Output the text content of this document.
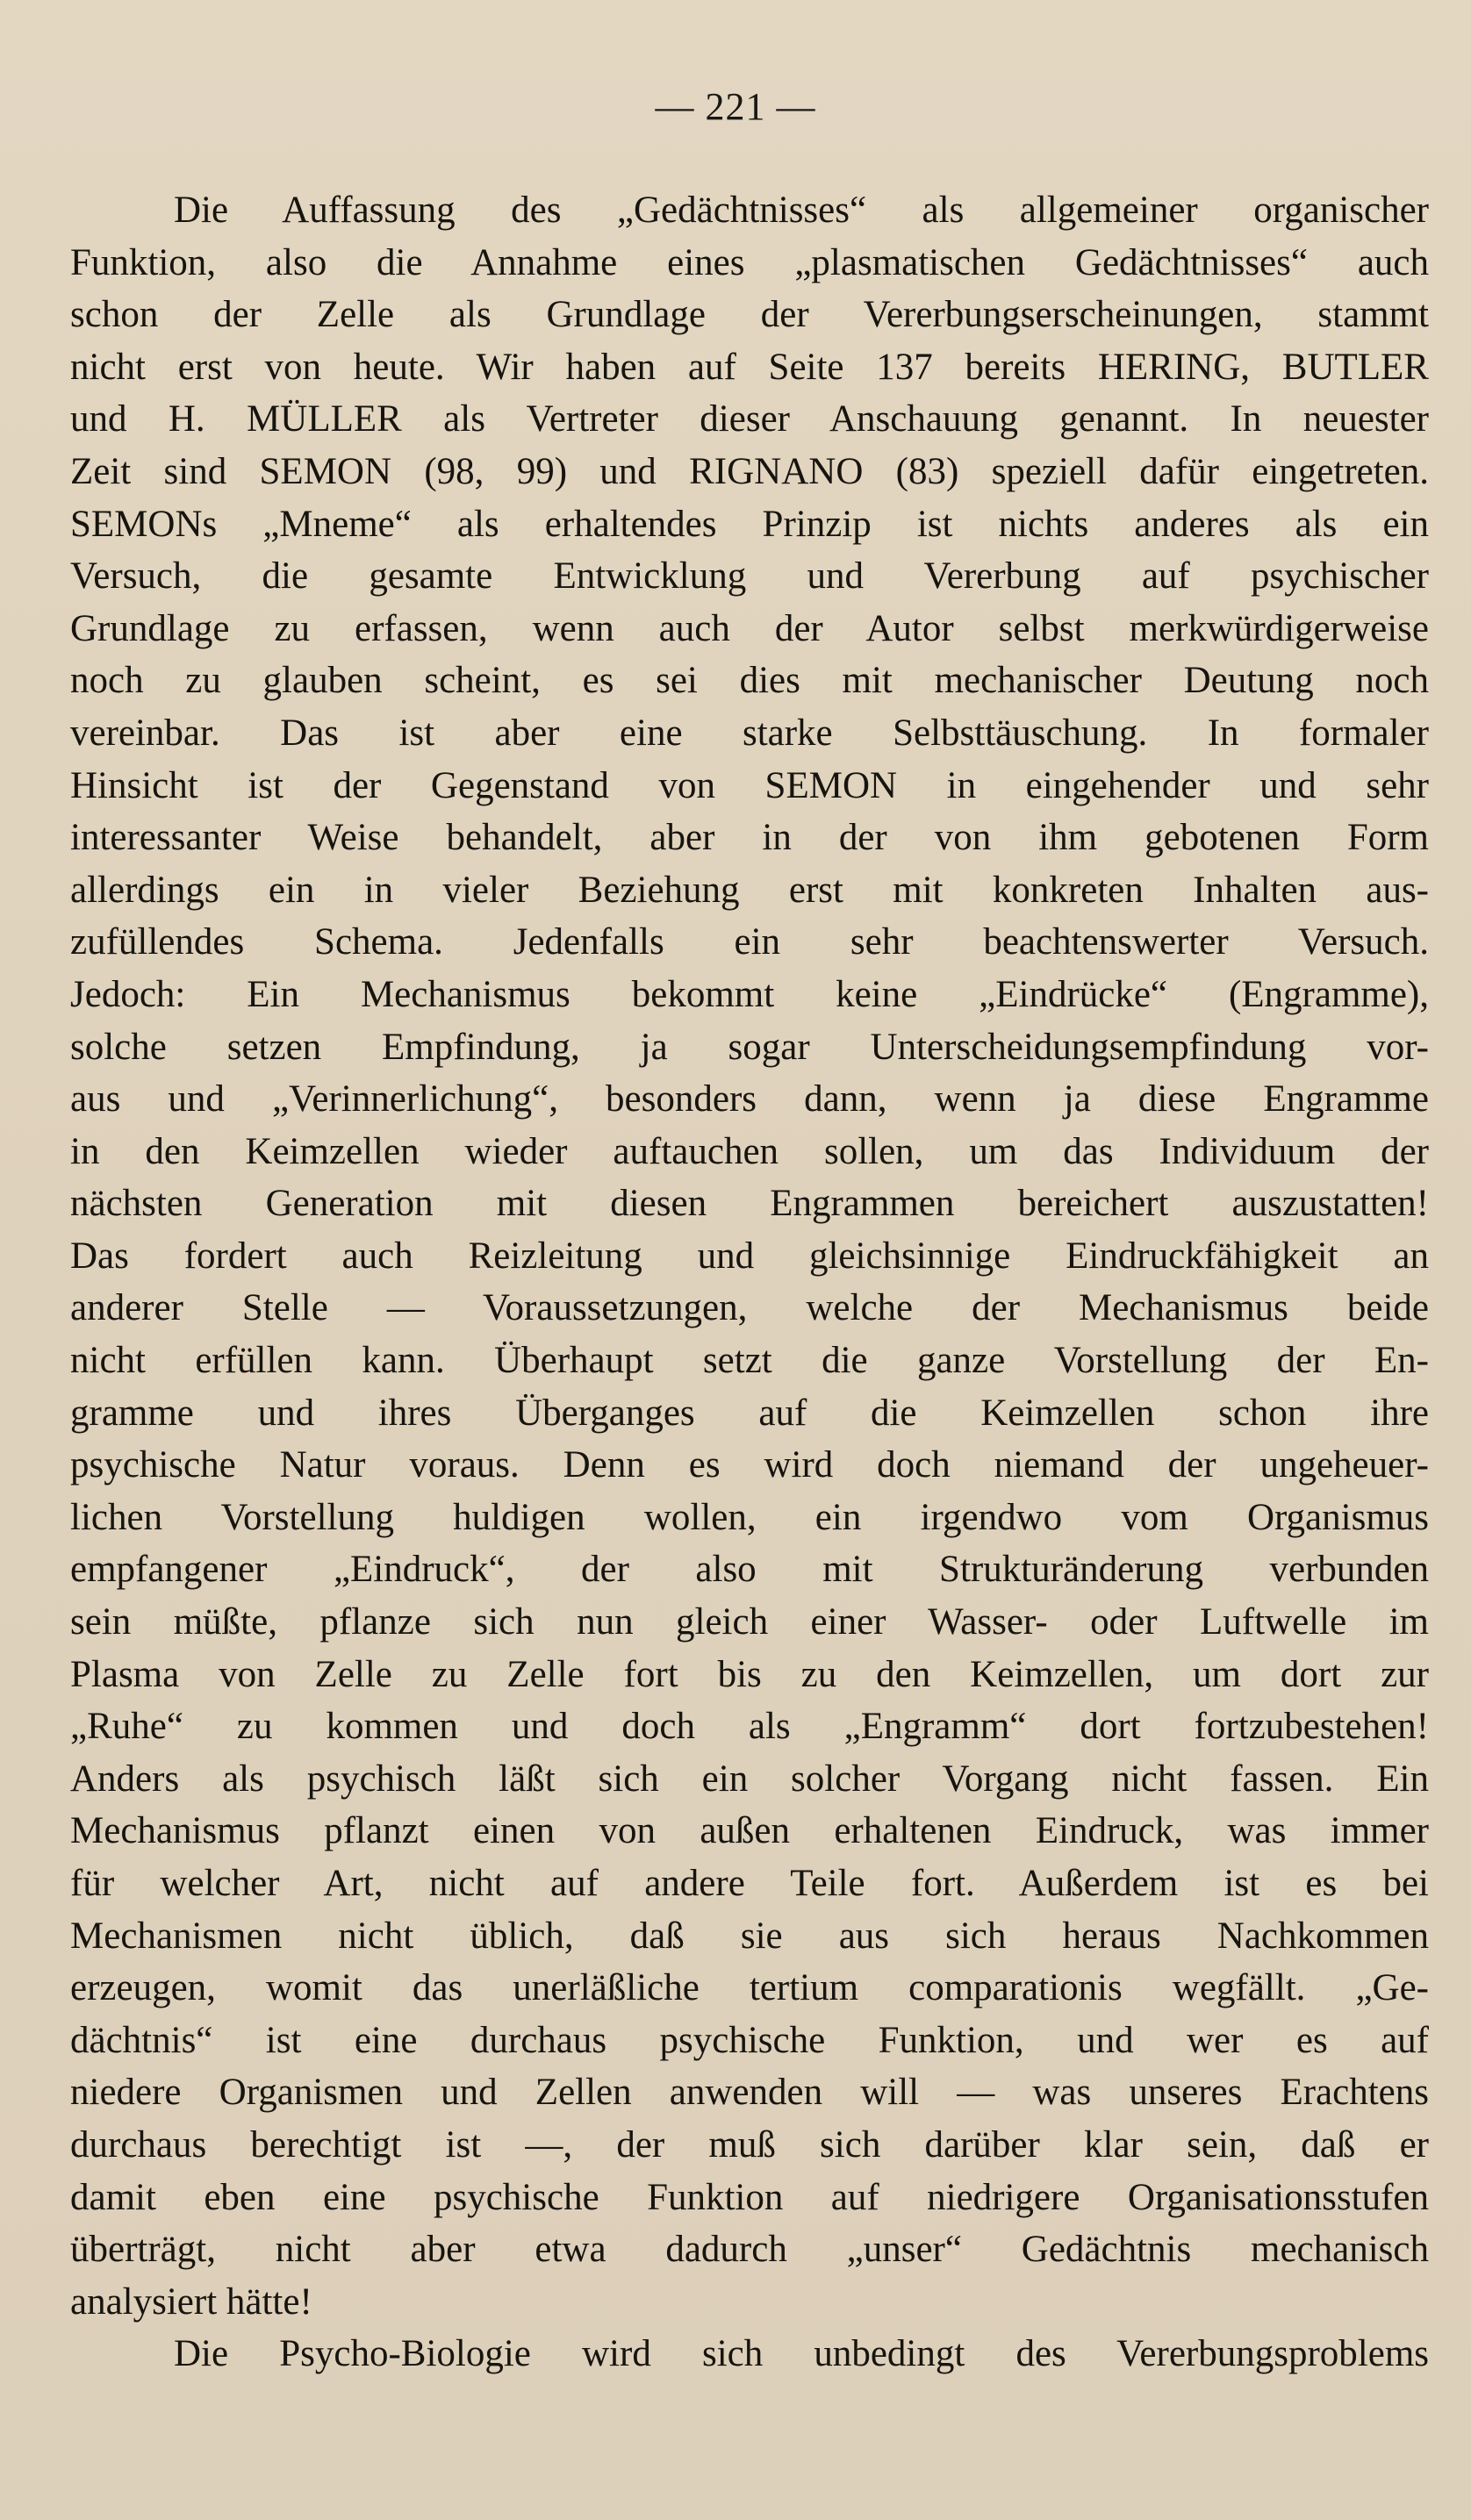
— 221 —
Die Auffassung des „Gedächtnisses“ als allgemeiner organischer
Funktion, also die Annahme eines „plasmatischen Gedächtnisses“ auch
schon der Zelle als Grundlage der Vererbungserscheinungen, stammt
nicht erst von heute. Wir haben auf Seite 137 bereits HERING, BUTLER
und H. MÜLLER als Vertreter dieser Anschauung genannt. In neuester
Zeit sind SEMON (98, 99) und RIGNANO (83) speziell dafür eingetreten.
SEMONs „Mneme“ als erhaltendes Prinzip ist nichts anderes als ein
Versuch, die gesamte Entwicklung und Vererbung auf psychischer
Grundlage zu erfassen, wenn auch der Autor selbst merkwürdigerweise
noch zu glauben scheint, es sei dies mit mechanischer Deutung noch
vereinbar. Das ist aber eine starke Selbsttäuschung. In formaler
Hinsicht ist der Gegenstand von SEMON in eingehender und sehr
interessanter Weise behandelt, aber in der von ihm gebotenen Form
allerdings ein in vieler Beziehung erst mit konkreten Inhalten aus-
zufüllendes Schema. Jedenfalls ein sehr beachtenswerter Versuch.
Jedoch: Ein Mechanismus bekommt keine „Eindrücke“ (Engramme),
solche setzen Empfindung, ja sogar Unterscheidungsempfindung vor-
aus und „Verinnerlichung“, besonders dann, wenn ja diese Engramme
in den Keimzellen wieder auftauchen sollen, um das Individuum der
nächsten Generation mit diesen Engrammen bereichert auszustatten!
Das fordert auch Reizleitung und gleichsinnige Eindruckfähigkeit an
anderer Stelle — Voraussetzungen, welche der Mechanismus beide
nicht erfüllen kann. Überhaupt setzt die ganze Vorstellung der En-
gramme und ihres Überganges auf die Keimzellen schon ihre
psychische Natur voraus. Denn es wird doch niemand der ungeheuer-
lichen Vorstellung huldigen wollen, ein irgendwo vom Organismus
empfangener „Eindruck“, der also mit Strukturänderung verbunden
sein müßte, pflanze sich nun gleich einer Wasser- oder Luftwelle im
Plasma von Zelle zu Zelle fort bis zu den Keimzellen, um dort zur
„Ruhe“ zu kommen und doch als „Engramm“ dort fortzubestehen!
Anders als psychisch läßt sich ein solcher Vorgang nicht fassen. Ein
Mechanismus pflanzt einen von außen erhaltenen Eindruck, was immer
für welcher Art, nicht auf andere Teile fort. Außerdem ist es bei
Mechanismen nicht üblich, daß sie aus sich heraus Nachkommen
erzeugen, womit das unerläßliche tertium comparationis wegfällt. „Ge-
dächtnis“ ist eine durchaus psychische Funktion, und wer es auf
niedere Organismen und Zellen anwenden will — was unseres Erachtens
durchaus berechtigt ist —, der muß sich darüber klar sein, daß er
damit eben eine psychische Funktion auf niedrigere Organisationsstufen
überträgt, nicht aber etwa dadurch „unser“ Gedächtnis mechanisch
analysiert hätte!
Die Psycho-Biologie wird sich unbedingt des Vererbungsproblems
